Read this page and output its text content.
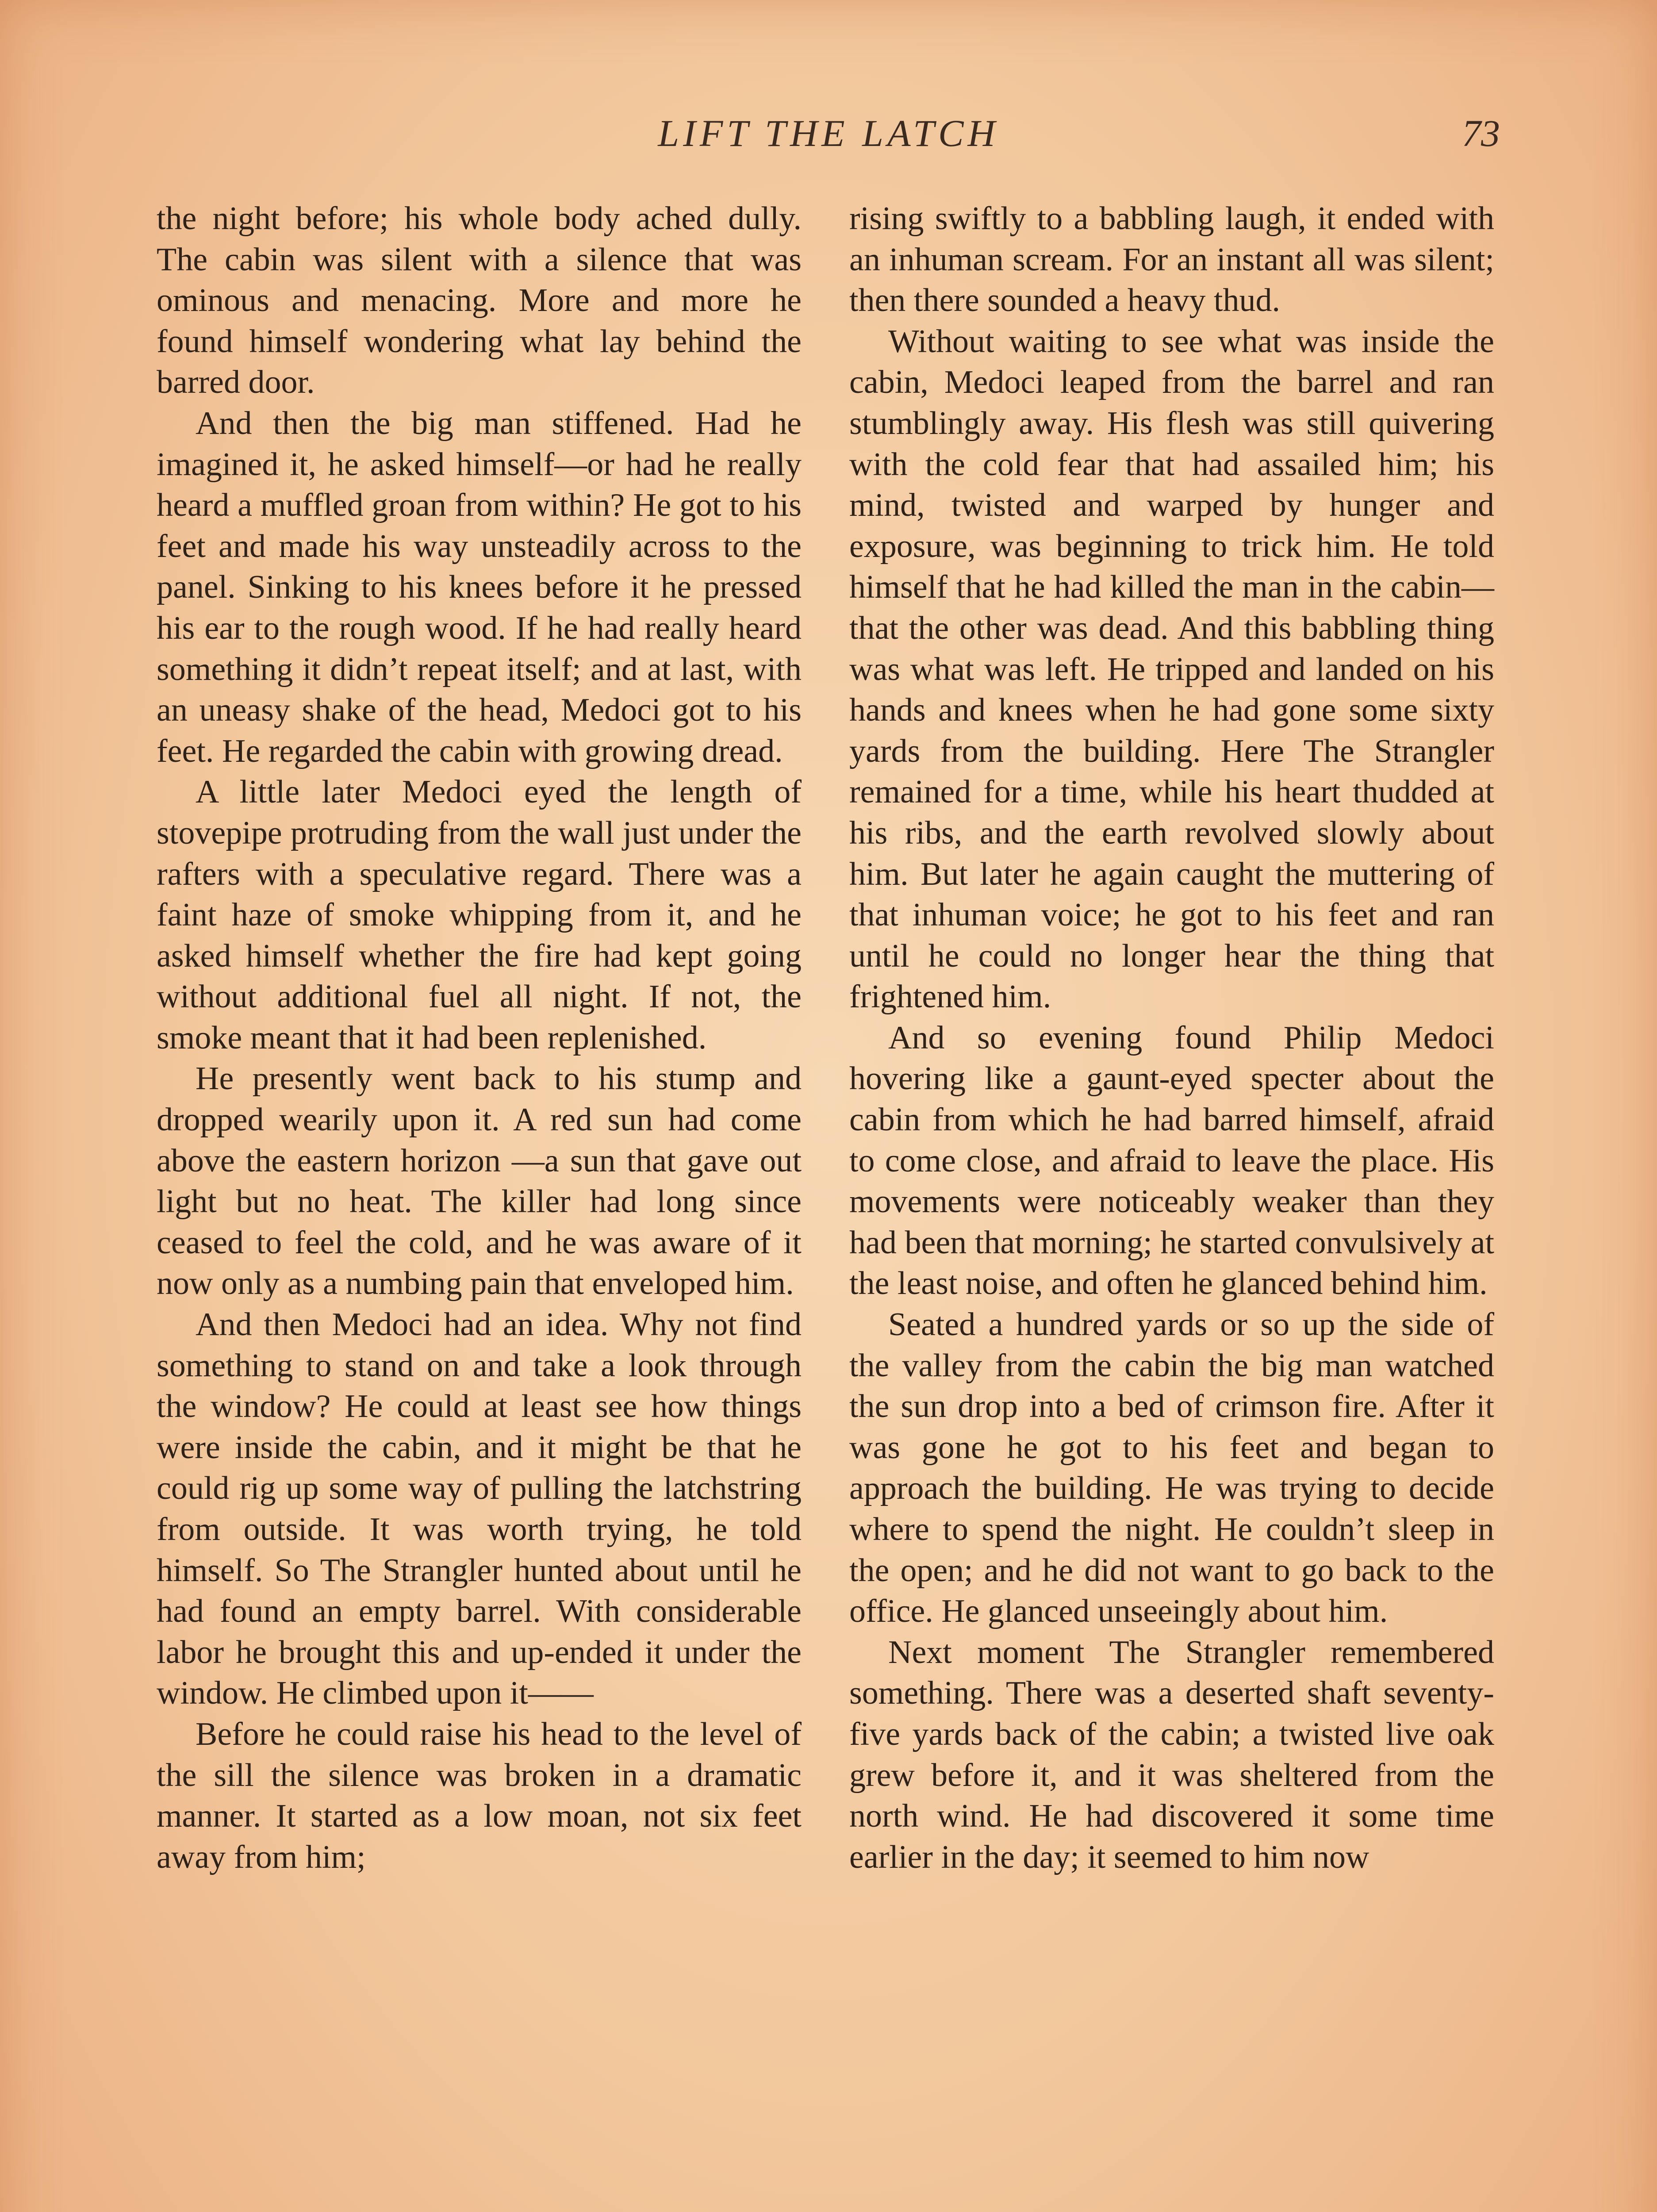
LIFT THE LATCH	73

the night before; his whole body ached dully. The cabin was silent with a silence that was ominous and menacing. More and more he found himself wondering what lay behind the barred door.

And then the big man stiffened. Had he imagined it, he asked himself—or had he really heard a muffled groan from within? He got to his feet and made his way unsteadily across to the panel. Sinking to his knees before it he pressed his ear to the rough wood. If he had really heard something it didn’t repeat itself; and at last, with an uneasy shake of the head, Medoci got to his feet. He regarded the cabin with growing dread.

A little later Medoci eyed the length of stovepipe protruding from the wall just under the rafters with a speculative regard. There was a faint haze of smoke whipping from it, and he asked himself whether the fire had kept going without additional fuel all night. If not, the smoke meant that it had been replenished.

He presently went back to his stump and dropped wearily upon it. A red sun had come above the eastern horizon —a sun that gave out light but no heat. The killer had long since ceased to feel the cold, and he was aware of it now only as a numbing pain that enveloped him.

And then Medoci had an idea. Why not find something to stand on and take a look through the window? He could at least see how things were inside the cabin, and it might be that he could rig up some way of pulling the latchstring from outside. It was worth trying, he told himself. So The Strangler hunted about until he had found an empty barrel. With considerable labor he brought this and up-ended it under the window. He climbed upon it——

Before he could raise his head to the level of the sill the silence was broken in a dramatic manner. It started as a low moan, not six feet away from him;

rising swiftly to a babbling laugh, it ended with an inhuman scream. For an instant all was silent; then there sounded a heavy thud.

Without waiting to see what was inside the cabin, Medoci leaped from the barrel and ran stumblingly away. His flesh was still quivering with the cold fear that had assailed him; his mind, twisted and warped by hunger and exposure, was beginning to trick him. He told himself that he had killed the man in the cabin—that the other was dead. And this babbling thing was what was left. He tripped and landed on his hands and knees when he had gone some sixty yards from the building. Here The Strangler remained for a time, while his heart thudded at his ribs, and the earth revolved slowly about him. But later he again caught the muttering of that inhuman voice; he got to his feet and ran until he could no longer hear the thing that frightened him.

And so evening found Philip Medoci hovering like a gaunt-eyed specter about the cabin from which he had barred himself, afraid to come close, and afraid to leave the place. His movements were noticeably weaker than they had been that morning; he started convulsively at the least noise, and often he glanced behind him.

Seated a hundred yards or so up the side of the valley from the cabin the big man watched the sun drop into a bed of crimson fire. After it was gone he got to his feet and began to approach the building. He was trying to decide where to spend the night. He couldn’t sleep in the open; and he did not want to go back to the office. He glanced unseeingly about him.

Next moment The Strangler remembered something. There was a deserted shaft seventy-five yards back of the cabin; a twisted live oak grew before it, and it was sheltered from the north wind. He had discovered it some time earlier in the day; it seemed to him now
